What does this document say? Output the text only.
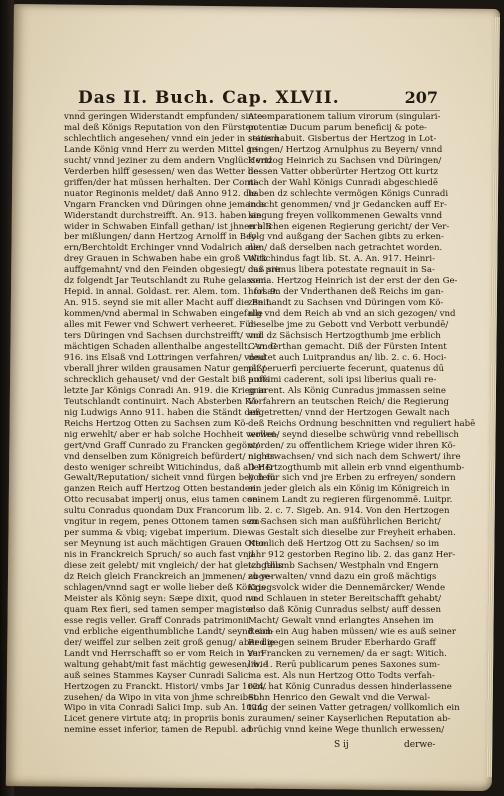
Das II. Buch. Cap. XLVII.	207
vnnd geringen Widerstandt empfunden/ sinte-
mal deß Königs Reputation von den Fürsten
schlechtlich angesehen/ vnnd ein jeder in seinem
Lande König vnnd Herr zu werden Mittel ge-
sucht/ vnnd jeziner zu dem andern Vnglück vnd
Verderben hilff gesessen/ wen das Wetter be-
griffen/der hat müssen herhalten. Der Conti-
nuator Reginonis meldet/ daß Anno 912. die
Vngarn Francken vnd Düringen ohne jemands
Widerstandt durchstreifft. An. 913. haben sie
wider in Schwaben Einfall gethan/ ist jhnen a B
ber mißlungen/ dann Hertzog Arnolff in Bey-
ern/Berchtoldt Erchinger vnnd Vodalrich alle
drey Grauen in Schwaben habe ein groß Volck
auffgemahnt/ vnd den Feinden obgesiegt/ daß sie
dz folgendt Jar Teutschlandt zu Ruhe gelassen.
Hepid. in annal. Goldast. rer. Alem. tom. 1. fol. 9.
An. 915. seynd sie mit aller Macht auff die Bein
kommen/vnd abermal in Schwaben eingefalle
alles mit Fewer vnd Schwert verheeret. Für-
ters Düringen vnd Sachsen durchstreifft/ vnd
mächtigen Schaden allenthalbe angestellt. An. C
916. ins Elsaß vnd Lottringen verfahren/ vnnd
vberall jhrer wilden grausamen Natur gemäß/
schrecklich gehauset/ vnd der Gestalt biß auffs
letzte Jar Königs Conradi An. 919. die Krieg in
Teutschlandt continuirt. Nach Absterben Kö-
nig Ludwigs Anno 911. haben die Ständt deß
Reichs Hertzog Otten zu Sachsen zum Kö-
nig erwehlt/ aber er hab solche Hochheit verwei-
gert/vnd Graff Cunrado zu Francken gegönt/
vnd denselben zum Königreich befürdert/ nichts
desto weniger schreibt Witichindus, daß aller D
Gewalt/Reputation/ sicheit vnnd fürgen bey dem
ganzen Reich auff Hertzog Otten bestanden:
Otto recusabat imperij onus, eius tamen con-
sultu Conradus quondam Dux Francorum
vngitur in regem, penes Ottonem tamen sem-
per summa & vbiq; vigebat imperium. Die-
ser Meynung ist auch mächtigen Grauen Otto-
nis in Franckreich Spruch/ so auch fast vnd
diese zeit gelebt/ mit vngleich/ der hat gleich falls
dz Reich gleich Franckreich an jmmenen/ abge-
schlagen/vnnd sagt er wolle lieber deß Königs
Meister als König seyn: Sæpe dixit, quod nu-
quam Rex fieri, sed tamen semper magister
esse regis veller. Graff Conrads patrimonii
vnd erbliche eigenthumbliche Landt/ seynd son-
der/ weiffel zur selben zeit groß genug/ aber die
Landt vnd Herrschafft so er vom Reich in Ver-
waltung gehabt/mit fast mächtig gewesen/ wie
auß seines Stammes Kayser Cunradi Salici
Hertzogen zu Franckt. Histori/ vmbs Jar 1024.
zusehen/ da Wipo in vita von jhme schreibet.
Wipo in vita Conradi Salici Imp. sub An. 1024.
Licet genere virtute atq; in propriis bonis
nemine esset inferior, tamen de Republ. ad
A comparationem talium virorum (singulari-
potentiæ Ducum parum beneficij & pote-
statis habuit. Gisbertus der Hertzog in Lot-
tringen/ Hertzog Arnulphus zu Beyern/ vnnd
Hertzog Heinrich zu Sachsen vnd Düringen/
dessen Vatter obberürter Hertzog Ott kurtz
nach der Wahl Königs Cunradi abgeschiedē
haben dz schlechte vermögen Königs Cunradi
in acht genommen/ vnd jr Gedancken auff Er-
langung freyen vollkommenen Gewalts vnnd
erblichen eigenen Regierung gericht/ der Ver-
folg vnd außgang der Sachen gibts zu erken-
nen/ daß derselben nach getrachtet worden.
Witichindus fagt lib. St. A. An. 917. Heinri-
cus primus libera potestate regnauit in Sa-
xonia. Hertzog Heinrich ist der erst der den Ge-
horsam der Vnderthanen deß Reichs im gan-
zen Landt zu Sachsen vnd Düringen vom Kö-
nig vnd dem Reich ab vnd an sich gezogen/ vnd
dieselbe jme zu Gebott vnd Verbott verbundē/
vnd dz Sächsisch Hertzogthumb jme erblich
C vnderthan gemacht. Diß der Fürsten Intent
deutet auch Luitprandus an/ lib. 2. c. 6. Hoci-
pli peruerfi perciuerte fecerunt, quatenus dū
proximi caderent, soli ipsi liberius quali re-
gnarent. Als König Cunradus jmmassen seine
Vorfahrern an teutschen Reich/ die Regierung
angetretten/ vnnd der Hertzogen Gewalt nach
deß Reichs Ordnung beschnitten vnd reguliert habē
wollen/ seynd dieselbe schwürig vnnd rebellisch
worden/ zu offentlichem Kriege wider ihren Kö-
nig erwachsen/ vnd sich nach dem Schwert/ ihre
D Hertzogthumb mit allein erb vnnd eigenthumb-
lich für sich vnd jre Erben zu erfreyen/ sondern
ein jeder gleich als ein König im Königreich in
seinem Landt zu regieren fürgenommē. Luitpr.
lib. 2. c. 7. Sigeb. An. 914. Von den Hertzogen
zu Sachsen sich man außführlichen Bericht/
was Gestalt sich dieselbe zur Freyheit erhaben.
Nemlich deß Hertzog Ott zu Sachsen/ so im
jahr 912 gestorben Regino lib. 2. das ganz Her-
tzogthumb Sachsen/ Westphaln vnd Engern
zu verwalten/ vnnd dazu ein groß mächtigs
Kriegsvolck wider die Dennemärcker/ Wende
vnd Schlauen in steter Bereitschafft gehabt/
also daß König Cunradus selbst/ auff dessen
Macht/ Gewalt vnnd erlangtes Ansehen im
Reich ein Aug haben müssen/ wie es auß seiner
Red gegen seinem Bruder Eberhardo Graff
zu Francken zu vernemen/ da er sagt: Witich.
lib. 1. Rerū publicarum penes Saxones sum-
ma est. Als nun Hertzog Otto Todts verfah-
ren/ hat König Cunradus dessen hinderlassene
Sohn Henrico den Gewalt vnd die Verwal-
tung der seinen Vatter getragen/ vollkomlich ein
zuraumen/ seiner Kayserlichen Reputation ab-
brüchig vnnd keine Wege thunlich erwessen/
S ij	derwe-
